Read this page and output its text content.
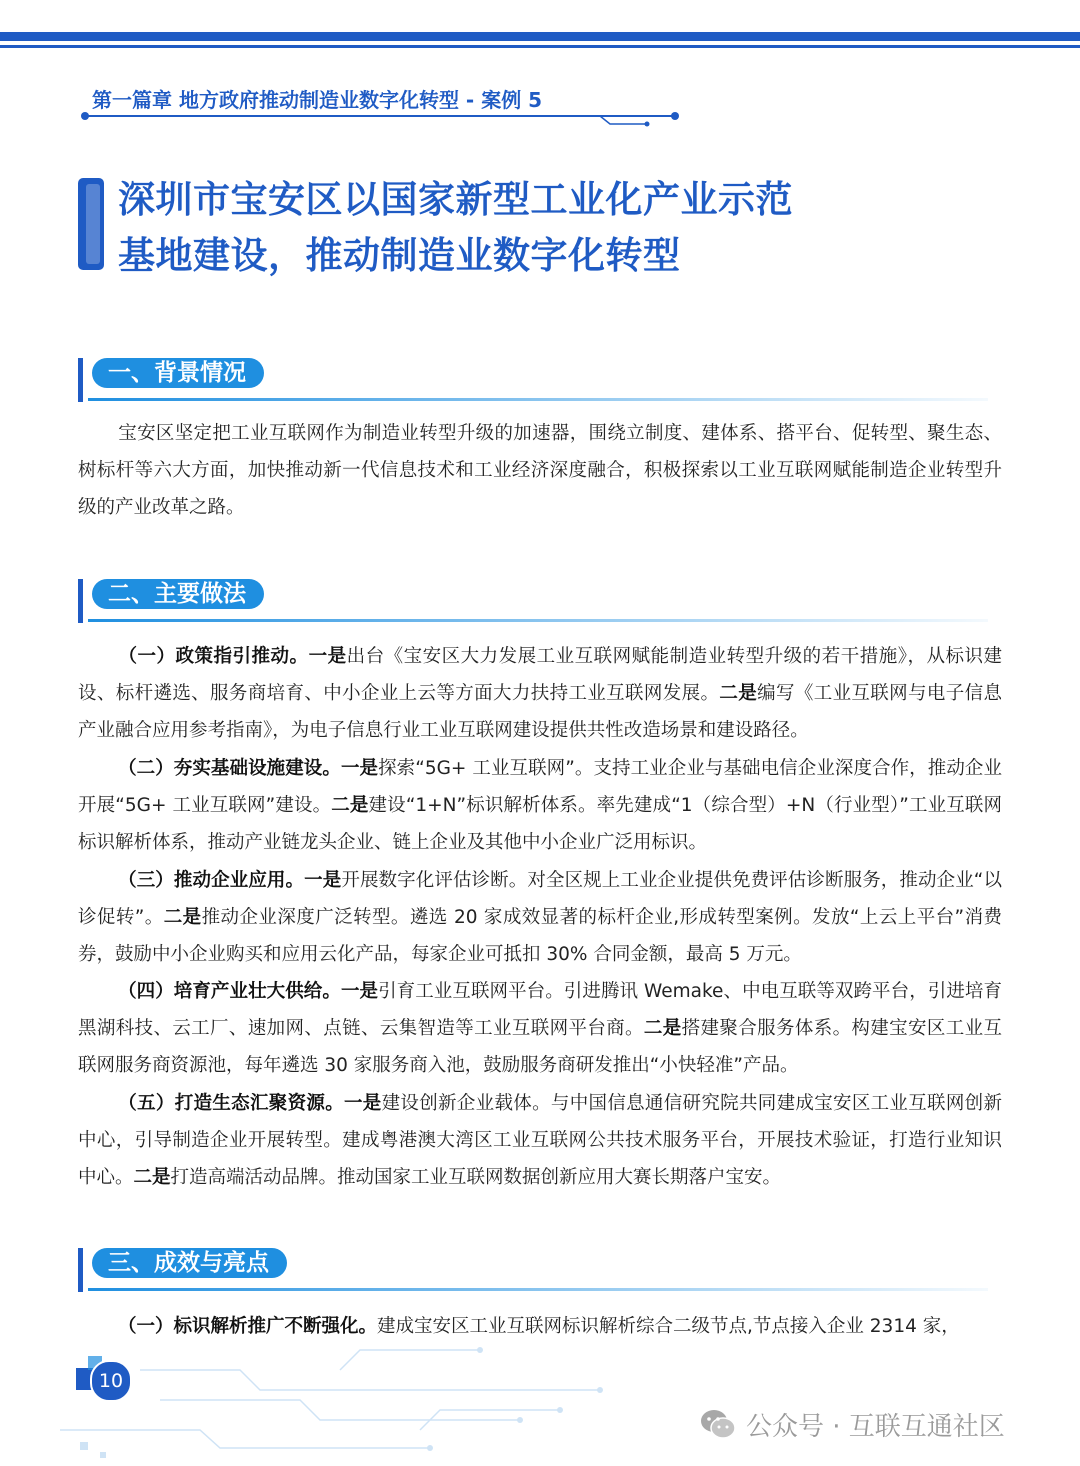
第一篇章 地方政府推动制造业数字化转型 - 案例 5
深圳市宝安区以国家新型工业化产业示范
基地建设，推动制造业数字化转型
一、背景情况

宝安区坚定把工业互联网作为制造业转型升级的加速器，围绕立制度、建体系、搭平台、促转型、聚生态、树标杆等六大方面，加快推动新一代信息技术和工业经济深度融合，积极探索以工业互联网赋能制造企业转型升级的产业改革之路。

二、主要做法

（一）政策指引推动。一是出台《宝安区大力发展工业互联网赋能制造业转型升级的若干措施》，从标识建设、标杆遴选、服务商培育、中小企业上云等方面大力扶持工业互联网发展。二是编写《工业互联网与电子信息产业融合应用参考指南》，为电子信息行业工业互联网建设提供共性改造场景和建设路径。

（二）夯实基础设施建设。一是探索“5G+ 工业互联网”。支持工业企业与基础电信企业深度合作，推动企业开展“5G+ 工业互联网”建设。二是建设“1+N”标识解析体系。率先建成“1（综合型）+N（行业型）”工业互联网标识解析体系，推动产业链龙头企业、链上企业及其他中小企业广泛用标识。

（三）推动企业应用。一是开展数字化评估诊断。对全区规上工业企业提供免费评估诊断服务，推动企业“以诊促转”。二是推动企业深度广泛转型。遴选 20 家成效显著的标杆企业,形成转型案例。发放“上云上平台”消费券，鼓励中小企业购买和应用云化产品，每家企业可抵扣 30% 合同金额，最高 5 万元。

（四）培育产业壮大供给。一是引育工业互联网平台。引进腾讯 Wemake、中电互联等双跨平台，引进培育黑湖科技、云工厂、速加网、点链、云集智造等工业互联网平台商。二是搭建聚合服务体系。构建宝安区工业互联网服务商资源池，每年遴选 30 家服务商入池，鼓励服务商研发推出“小快轻准”产品。

（五）打造生态汇聚资源。一是建设创新企业载体。与中国信息通信研究院共同建成宝安区工业互联网创新中心，引导制造企业开展转型。建成粤港澳大湾区工业互联网公共技术服务平台，开展技术验证，打造行业知识中心。二是打造高端活动品牌。推动国家工业互联网数据创新应用大赛长期落户宝安。

三、成效与亮点

（一）标识解析推广不断强化。建成宝安区工业互联网标识解析综合二级节点,节点接入企业 2314 家，

10
公众号 · 互联互通社区
